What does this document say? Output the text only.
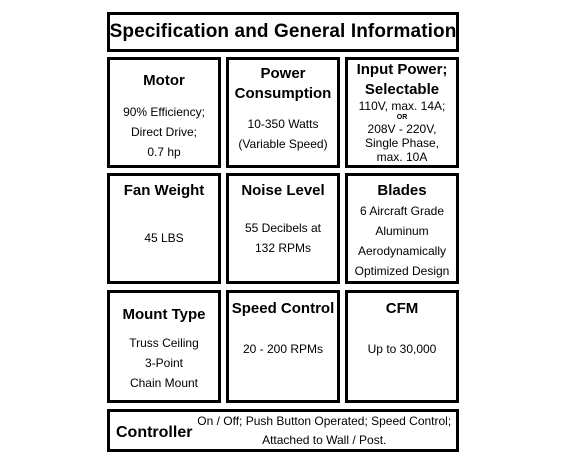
Specification and General Information
Motor
90% Efficiency;
Direct Drive;
0.7 hp
Power
Consumption
10-350 Watts
(Variable Speed)
Input Power;
Selectable
110V, max. 14A;
OR
208V - 220V,
Single Phase,
max. 10A
Fan Weight
45 LBS
Noise Level
55 Decibels at
132 RPMs
Blades
6 Aircraft Grade
Aluminum
Aerodynamically
Optimized Design
Mount Type
Truss Ceiling
3-Point
Chain Mount
Speed Control
20 - 200 RPMs
CFM
Up to 30,000
Controller
On / Off; Push Button Operated; Speed Control;
Attached to Wall / Post.
